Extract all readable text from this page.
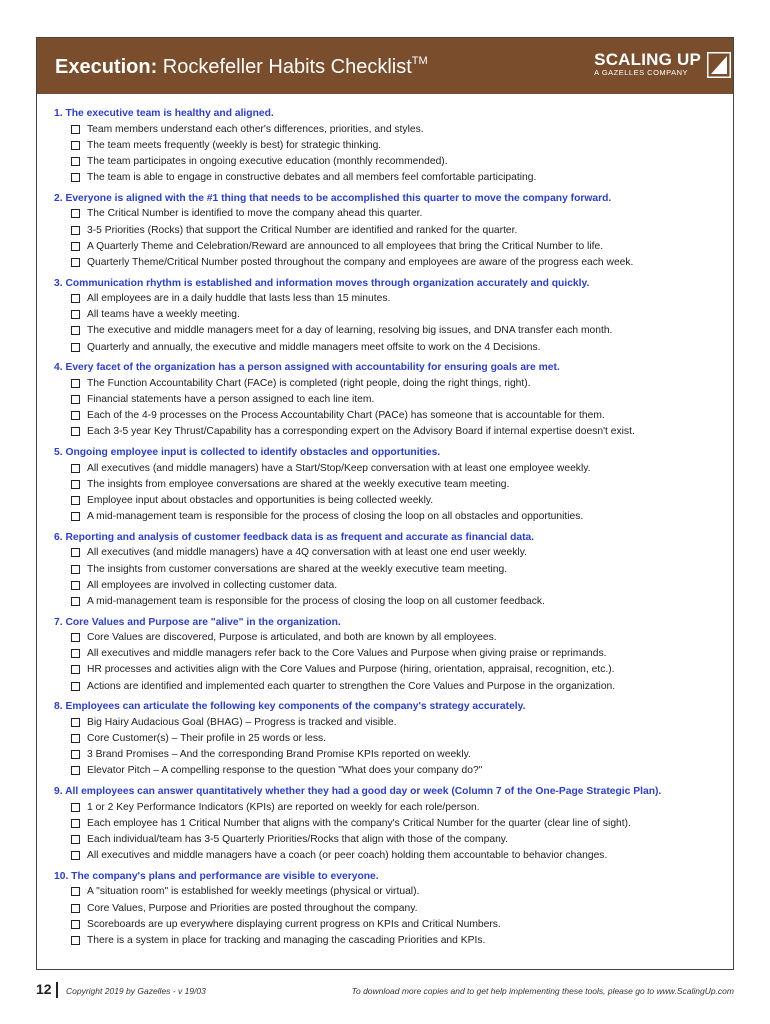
Execution: Rockefeller Habits Checklist™	SCALING UP
A GAZELLES COMPANY
1. The executive team is healthy and aligned.
Team members understand each other's differences, priorities, and styles.
The team meets frequently (weekly is best) for strategic thinking.
The team participates in ongoing executive education (monthly recommended).
The team is able to engage in constructive debates and all members feel comfortable participating.
2. Everyone is aligned with the #1 thing that needs to be accomplished this quarter to move the company forward.
The Critical Number is identified to move the company ahead this quarter.
3-5 Priorities (Rocks) that support the Critical Number are identified and ranked for the quarter.
A Quarterly Theme and Celebration/Reward are announced to all employees that bring the Critical Number to life.
Quarterly Theme/Critical Number posted throughout the company and employees are aware of the progress each week.
3. Communication rhythm is established and information moves through organization accurately and quickly.
All employees are in a daily huddle that lasts less than 15 minutes.
All teams have a weekly meeting.
The executive and middle managers meet for a day of learning, resolving big issues, and DNA transfer each month.
Quarterly and annually, the executive and middle managers meet offsite to work on the 4 Decisions.
4. Every facet of the organization has a person assigned with accountability for ensuring goals are met.
The Function Accountability Chart (FACe) is completed (right people, doing the right things, right).
Financial statements have a person assigned to each line item.
Each of the 4-9 processes on the Process Accountability Chart (PACe) has someone that is accountable for them.
Each 3-5 year Key Thrust/Capability has a corresponding expert on the Advisory Board if internal expertise doesn't exist.
5. Ongoing employee input is collected to identify obstacles and opportunities.
All executives (and middle managers) have a Start/Stop/Keep conversation with at least one employee weekly.
The insights from employee conversations are shared at the weekly executive team meeting.
Employee input about obstacles and opportunities is being collected weekly.
A mid-management team is responsible for the process of closing the loop on all obstacles and opportunities.
6. Reporting and analysis of customer feedback data is as frequent and accurate as financial data.
All executives (and middle managers) have a 4Q conversation with at least one end user weekly.
The insights from customer conversations are shared at the weekly executive team meeting.
All employees are involved in collecting customer data.
A mid-management team is responsible for the process of closing the loop on all customer feedback.
7. Core Values and Purpose are "alive" in the organization.
Core Values are discovered, Purpose is articulated, and both are known by all employees.
All executives and middle managers refer back to the Core Values and Purpose when giving praise or reprimands.
HR processes and activities align with the Core Values and Purpose (hiring, orientation, appraisal, recognition, etc.).
Actions are identified and implemented each quarter to strengthen the Core Values and Purpose in the organization.
8. Employees can articulate the following key components of the company's strategy accurately.
Big Hairy Audacious Goal (BHAG) – Progress is tracked and visible.
Core Customer(s) – Their profile in 25 words or less.
3 Brand Promises – And the corresponding Brand Promise KPIs reported on weekly.
Elevator Pitch – A compelling response to the question "What does your company do?"
9. All employees can answer quantitatively whether they had a good day or week (Column 7 of the One-Page Strategic Plan).
1 or 2 Key Performance Indicators (KPIs) are reported on weekly for each role/person.
Each employee has 1 Critical Number that aligns with the company's Critical Number for the quarter (clear line of sight).
Each individual/team has 3-5 Quarterly Priorities/Rocks that align with those of the company.
All executives and middle managers have a coach (or peer coach) holding them accountable to behavior changes.
10. The company's plans and performance are visible to everyone.
A "situation room" is established for weekly meetings (physical or virtual).
Core Values, Purpose and Priorities are posted throughout the company.
Scoreboards are up everywhere displaying current progress on KPIs and Critical Numbers.
There is a system in place for tracking and managing the cascading Priorities and KPIs.
12 Copyright 2019 by Gazelles - v 19/03	To download more copies and to get help implementing these tools, please go to www.ScalingUp.com
